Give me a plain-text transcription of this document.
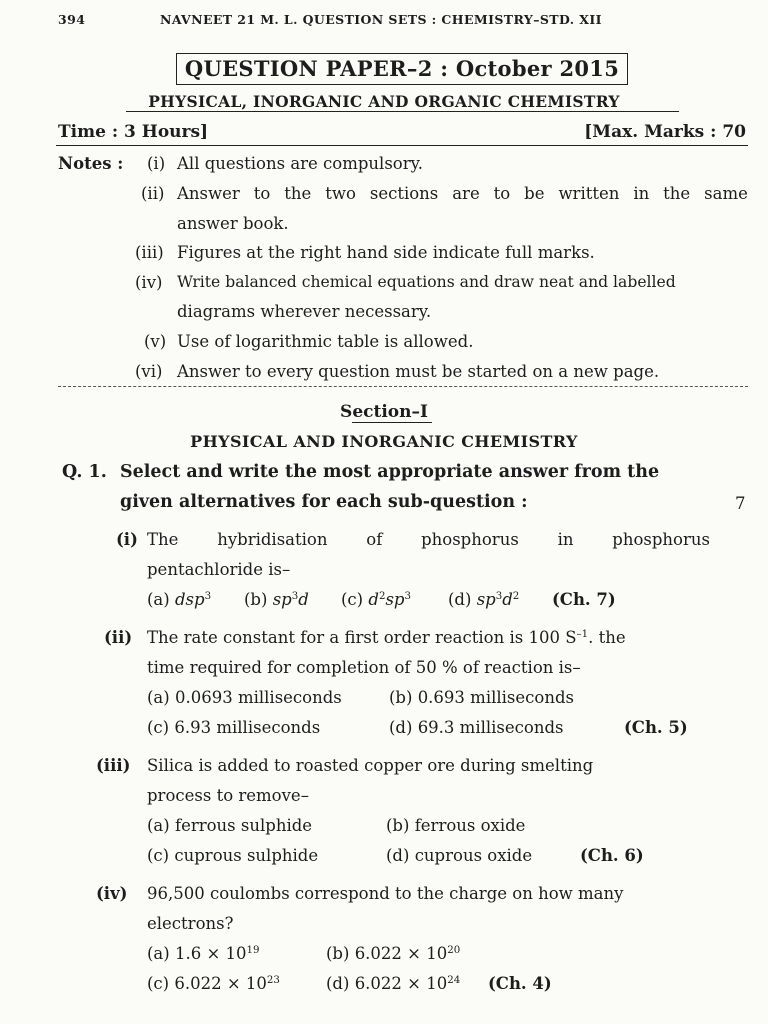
394	NAVNEET 21 M. L. QUESTION SETS : CHEMISTRY–STD. XII
QUESTION PAPER–2 : October 2015
PHYSICAL, INORGANIC AND ORGANIC CHEMISTRY
Time : 3 Hours]	[Max. Marks : 70
Notes : (i) All questions are compulsory.
(ii) Answer to the two sections are to be written in the same
answer book.
(iii) Figures at the right hand side indicate full marks.
(iv) Write balanced chemical equations and draw neat and labelled
diagrams wherever necessary.
(v) Use of logarithmic table is allowed.
(vi) Answer to every question must be started on a new page.
Section–I
PHYSICAL AND INORGANIC CHEMISTRY
Q. 1. Select and write the most appropriate answer from the
given alternatives for each sub-question :	7
(i) The hybridisation of phosphorus in phosphorus
pentachloride is–
(a) dsp$^3$ (b) $sp^3d$ (c) $d^2sp^3$ (d) $sp^3d^2$ (Ch. 7)
(ii) The rate constant for a first order reaction is 100 $S^{-1}$. the
time required for completion of 50 % of reaction is–
(a) 0.0693 milliseconds	(b) 0.693 milliseconds
(c) 6.93 milliseconds	(d) 69.3 milliseconds	(Ch. 5)
(iii) Silica is added to roasted copper ore during smelting
process to remove–
(a) ferrous sulphide	(b) ferrous oxide
(c) cuprous sulphide	(d) cuprous oxide	(Ch. 6)
(iv) 96,500 coulombs correspond to the charge on how many
electrons?
(a) $1.6 \times 10^{19}$	(b) $6.022 \times 10^{20}$
(c) $6.022 \times 10^{23}$	(d) $6.022 \times 10^{24}$ (Ch. 4)
